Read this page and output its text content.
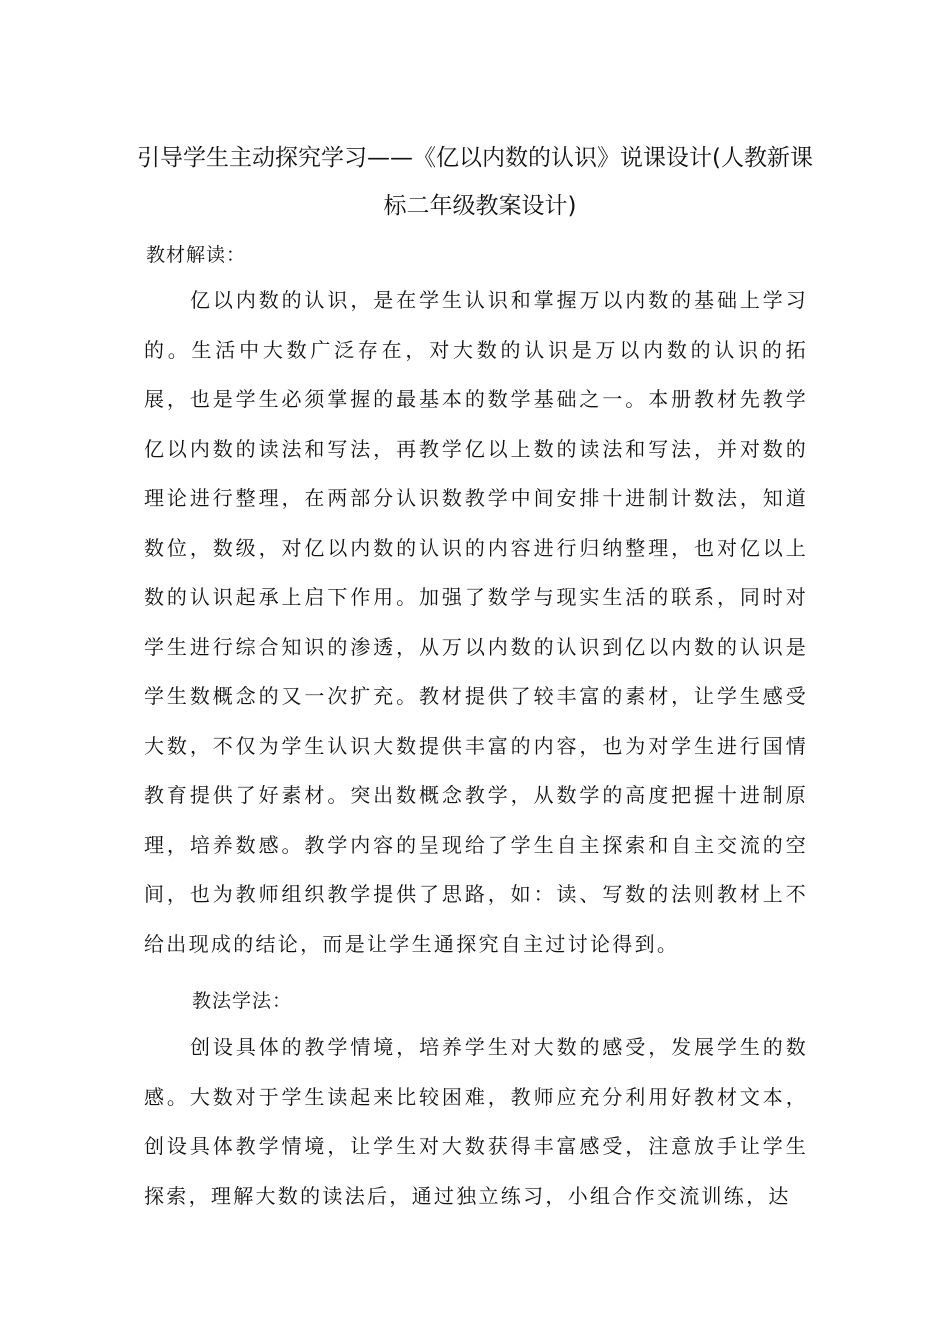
引导学生主动探究学习——《亿以内数的认识》说课设计(人教新课
标二年级教案设计)

教材解读：

亿以内数的认识，是在学生认识和掌握万以内数的基础上学习的。生活中大数广泛存在，对大数的认识是万以内数的认识的拓展，也是学生必须掌握的最基本的数学基础之一。本册教材先教学亿以内数的读法和写法，再教学亿以上数的读法和写法，并对数的理论进行整理，在两部分认识数教学中间安排十进制计数法，知道数位，数级，对亿以内数的认识的内容进行归纳整理，也对亿以上数的认识起承上启下作用。加强了数学与现实生活的联系，同时对学生进行综合知识的渗透，从万以内数的认识到亿以内数的认识是学生数概念的又一次扩充。教材提供了较丰富的素材，让学生感受大数，不仅为学生认识大数提供丰富的内容，也为对学生进行国情教育提供了好素材。突出数概念教学，从数学的高度把握十进制原理，培养数感。教学内容的呈现给了学生自主探索和自主交流的空间，也为教师组织教学提供了思路，如：读、写数的法则教材上不给出现成的结论，而是让学生通探究自主过讨论得到。

教法学法：

创设具体的教学情境，培养学生对大数的感受，发展学生的数感。大数对于学生读起来比较困难，教师应充分利用好教材文本，创设具体教学情境，让学生对大数获得丰富感受，注意放手让学生探索，理解大数的读法后，通过独立练习，小组合作交流训练，达
